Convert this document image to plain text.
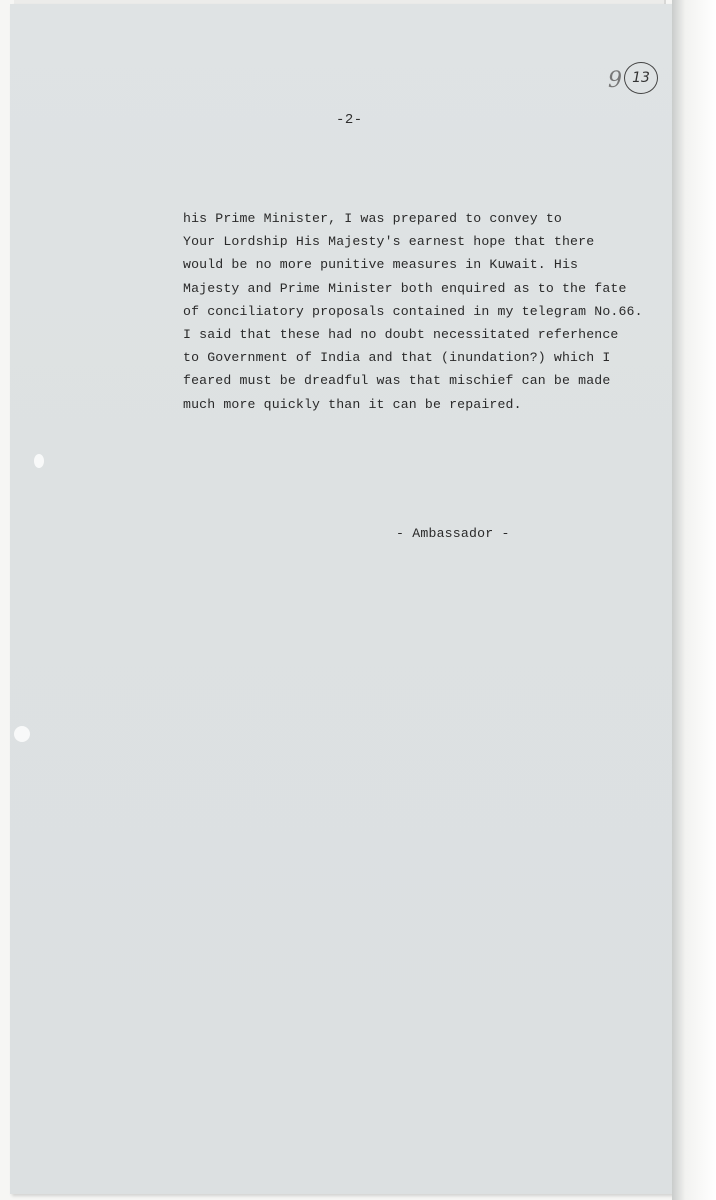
9 13
-2-
his Prime Minister, I was prepared to convey to
Your Lordship His Majesty's earnest hope that there
would be no more punitive measures in Kuwait. His
Majesty and Prime Minister both enquired as to the fate
of conciliatory proposals contained in my telegram No.66.
I said that these had no doubt necessitated referhence
to Government of India and that (inundation?) which I
feared must be dreadful was that mischief can be made
much more quickly than it can be repaired.
- Ambassador -
